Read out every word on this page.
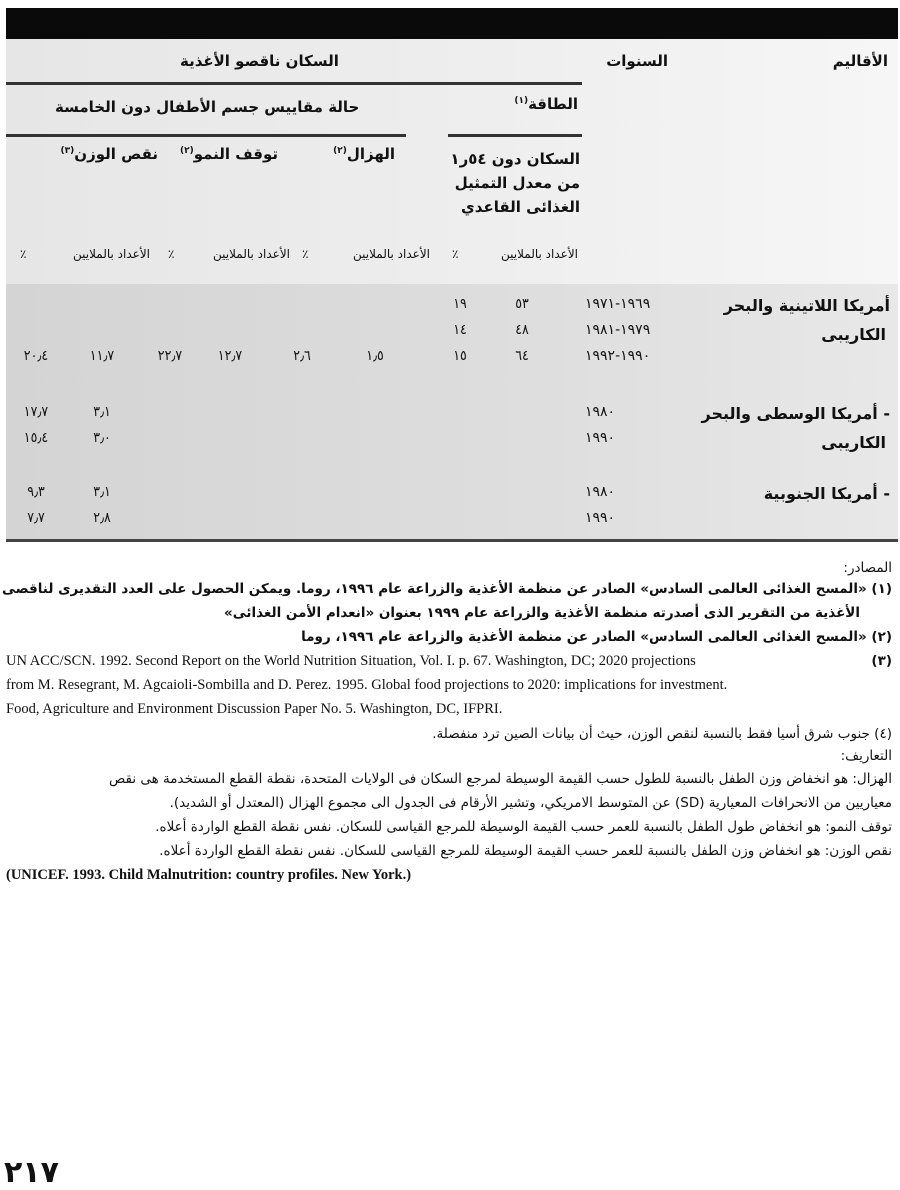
الأقاليم
السنوات
السكان ناقصو الأغذية
الطاقة$^{(١)}$
حالة مقاييس جسم الأطفال دون الخامسة
السكان دون ٥٤ر١
من معدل التمثيل
الغذائى القاعدي
الهزال$^{(٢)}$
توقف النمو$^{(٢)}$
نقص الوزن$^{(٣)}$
الأعداد بالملايين
٪
الأعداد بالملايين
٪
الأعداد بالملايين
٪
الأعداد بالملايين
٪
أمريكا اللاتينية والبحر
الكاريبى
١٩٦٩-١٩٧١
٥٣
١٩
١٩٧٩-١٩٨١
٤٨
١٤
١٩٩٠-١٩٩٢
٦٤
١٥
١٫٥
٢٫٦
١٢٫٧
٢٢٫٧
١١٫٧
٢٠٫٤
- أمريكا الوسطى والبحر
الكاريبى
١٩٨٠
٣٫١
١٧٫٧
١٩٩٠
٣٫٠
١٥٫٤
- أمريكا الجنوبية
١٩٨٠
٣٫١
٩٫٣
١٩٩٠
٢٫٨
٧٫٧
المصادر:
(١) «المسح الغذائى العالمى السادس» الصادر عن منظمة الأغذية والزراعة عام ١٩٩٦، روما. ويمكن الحصول على العدد التقديرى لناقصى
الأغذية من التقرير الذى أصدرته منظمة الأغذية والزراعة عام ١٩٩٩ بعنوان «انعدام الأمن الغذائى»
(٢) «المسح الغذائى العالمى السادس» الصادر عن منظمة الأغذية والزراعة عام ١٩٩٦، روما
(٣)
UN ACC/SCN. 1992. Second Report on the World Nutrition Situation, Vol. I. p. 67. Washington, DC; 2020 projections
from M. Resegrant, M. Agcaioli-Sombilla and D. Perez. 1995. Global food projections to 2020: implications for investment.
Food, Agriculture and Environment Discussion Paper No. 5. Washington, DC, IFPRI.
(٤) جنوب شرق أسيا فقط بالنسبة لنقص الوزن، حيث أن بيانات الصين ترد منفصلة.
التعاريف:
الهزال: هو انخفاض وزن الطفل بالنسبة للطول حسب القيمة الوسيطة لمرجع السكان فى الولايات المتحدة، نقطة القطع المستخدمة هى نقص
معياريين من الانحرافات المعيارية (SD) عن المتوسط الامريكي، وتشير الأرقام فى الجدول الى مجموع الهزال (المعتدل أو الشديد).
توقف النمو: هو انخفاض طول الطفل بالنسبة للعمر حسب القيمة الوسيطة للمرجع القياسى للسكان. نفس نقطة القطع الواردة أعلاه.
نقص الوزن: هو انخفاض وزن الطفل بالنسبة للعمر حسب القيمة الوسيطة للمرجع القياسى للسكان. نفس نقطة القطع الواردة أعلاه.
(UNICEF. 1993. Child Malnutrition: country profiles. New York.)
٢١٧
